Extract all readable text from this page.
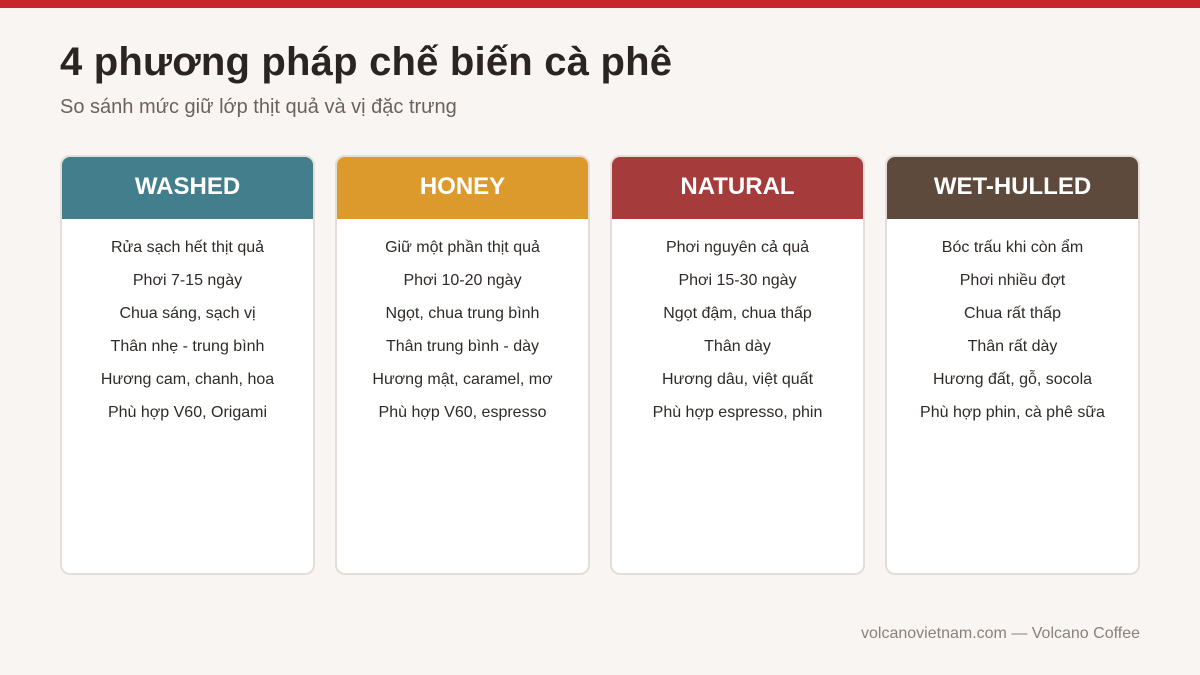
4 phương pháp chế biến cà phê

So sánh mức giữ lớp thịt quả và vị đặc trưng

WASHED
Rửa sạch hết thịt quả
Phơi 7-15 ngày
Chua sáng, sạch vị
Thân nhẹ - trung bình
Hương cam, chanh, hoa
Phù hợp V60, Origami
HONEY
Giữ một phần thịt quả
Phơi 10-20 ngày
Ngọt, chua trung bình
Thân trung bình - dày
Hương mật, caramel, mơ
Phù hợp V60, espresso
NATURAL
Phơi nguyên cả quả
Phơi 15-30 ngày
Ngọt đậm, chua thấp
Thân dày
Hương dâu, việt quất
Phù hợp espresso, phin
WET-HULLED
Bóc trấu khi còn ẩm
Phơi nhiều đợt
Chua rất thấp
Thân rất dày
Hương đất, gỗ, socola
Phù hợp phin, cà phê sữa

volcanovietnam.com — Volcano Coffee
